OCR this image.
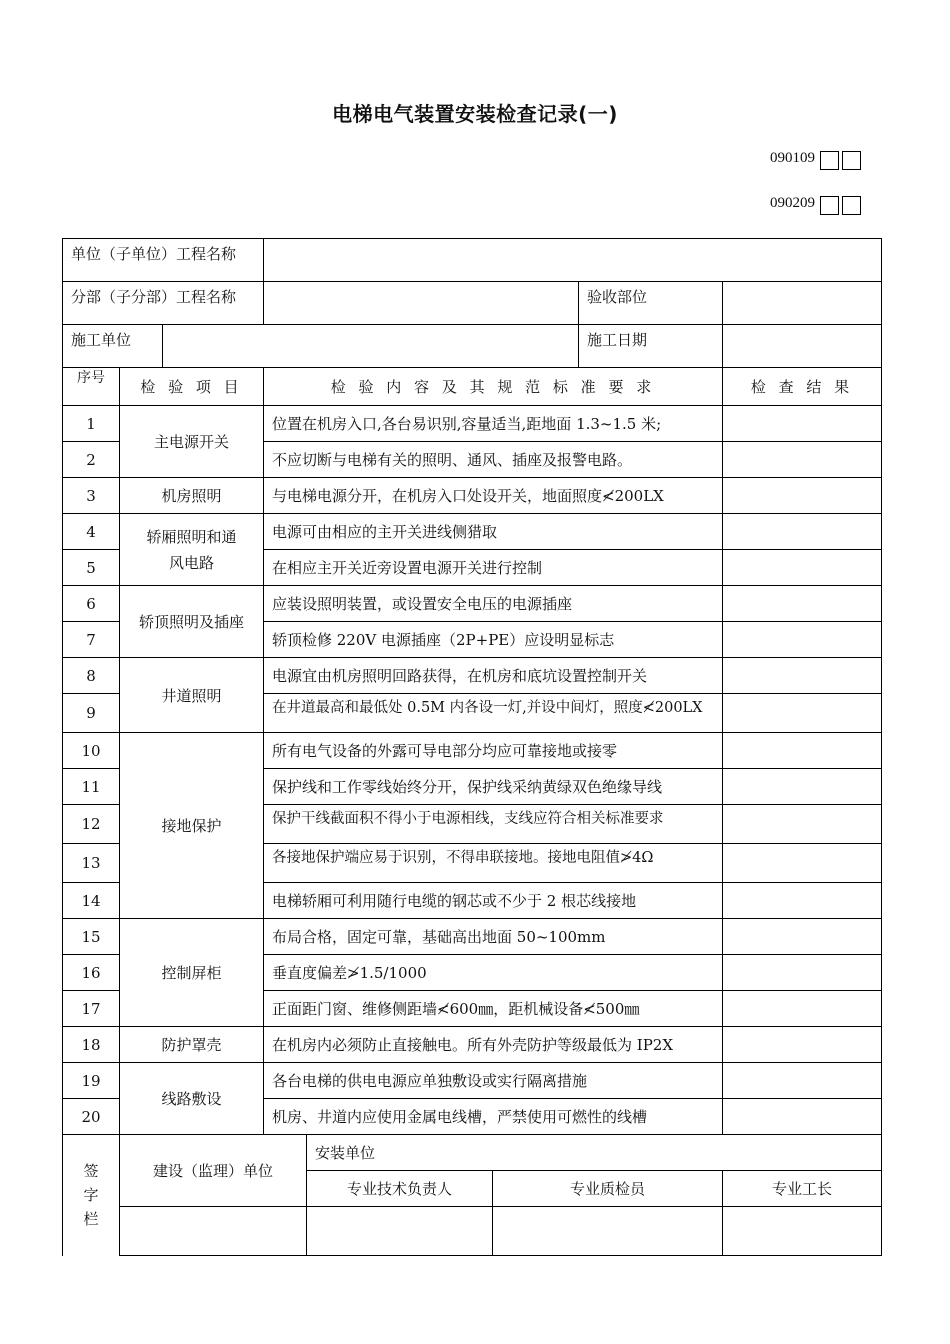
电梯电气装置安装检查记录(一)
090109
090209
单位（子单位）工程名称							
分部（子分部）工程名称						验收部位	
施工单位						施工日期	
序号	检 验 项 目		检 验 内 容 及 其 规 范 标 准 要 求				检 查 结 果
1	主电源开关		位置在机房入口,各台易识别,容量适当,距地面 1.3~1.5 米;				
2			不应切断与电梯有关的照明、通风、插座及报警电路。				
3	机房照明		与电梯电源分开，在机房入口处设开关，地面照度≮200LX				
4	轿厢照明和通风电路		电源可由相应的主开关进线侧猎取				
5			在相应主开关近旁设置电源开关进行控制				
6	轿顶照明及插座		应装设照明装置，或设置安全电压的电源插座				
7			轿顶检修 220V 电源插座（2P+PE）应设明显标志				
8	井道照明		电源宜由机房照明回路获得，在机房和底坑设置控制开关				
9			在井道最高和最低处 0.5M 内各设一灯,并设中间灯，照度≮200LX				
10	接地保护		所有电气设备的外露可导电部分均应可靠接地或接零				
11			保护线和工作零线始终分开，保护线采纳黄绿双色绝缘导线				
12			保护干线截面积不得小于电源相线，支线应符合相关标准要求				
13			各接地保护端应易于识别，不得串联接地。接地电阻值≯4Ω				
14			电梯轿厢可利用随行电缆的钢芯或不少于 2 根芯线接地				
15	控制屏柜		布局合格，固定可靠，基础高出地面 50~100mm				
16			垂直度偏差≯1.5/1000				
17			正面距门窗、维修侧距墙≮600㎜，距机械设备≮500㎜				
18	防护罩壳		在机房内必须防止直接触电。所有外壳防护等级最低为 IP2X				
19	线路敷设		各台电梯的供电电源应单独敷设或实行隔离措施				
20			机房、井道内应使用金属电线槽，严禁使用可燃性的线槽				
签字栏	建设（监理）单位			安装单位			
				专业技术负责人	专业质检员		专业工长
